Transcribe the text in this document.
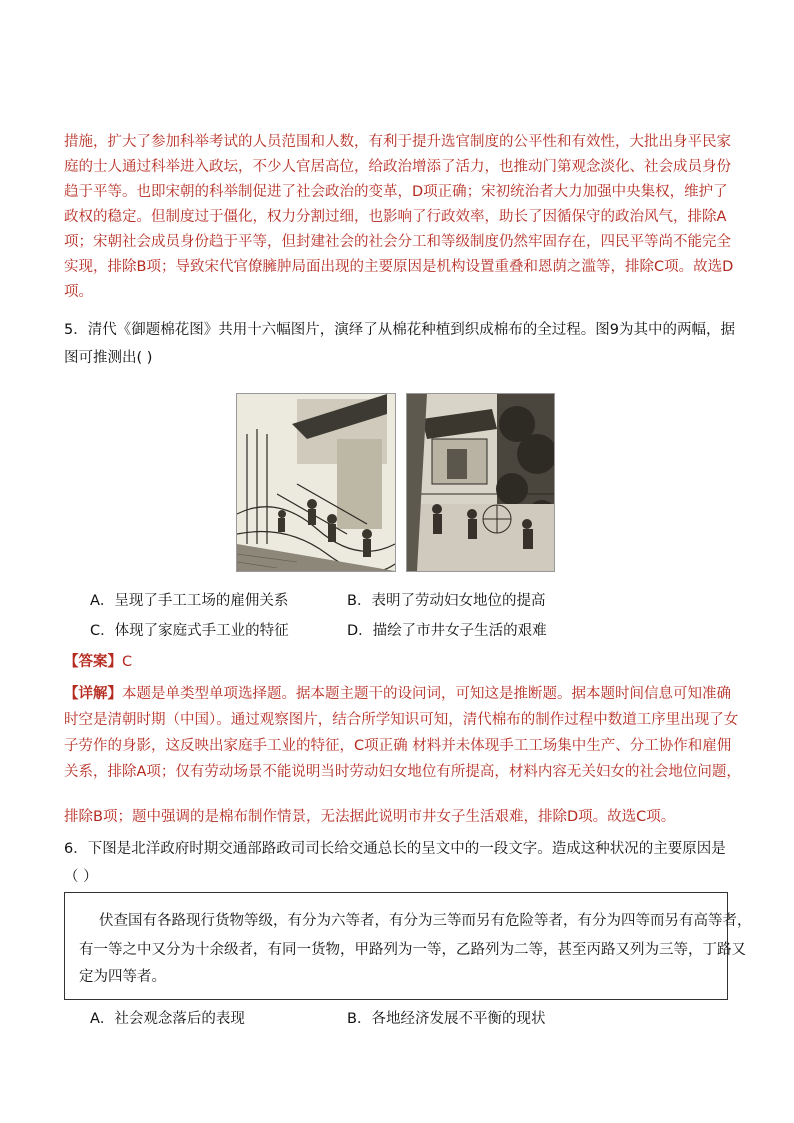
措施，扩大了参加科举考试的人员范围和人数，有利于提升选官制度的公平性和有效性，大批出身平民家
庭的士人通过科举进入政坛，不少人官居高位，给政治增添了活力，也推动门第观念淡化、社会成员身份
趋于平等。也即宋朝的科举制促进了社会政治的变革，D项正确；宋初统治者大力加强中央集权，维护了
政权的稳定。但制度过于僵化，权力分割过细，也影响了行政效率，助长了因循保守的政治风气，排除A
项；宋朝社会成员身份趋于平等，但封建社会的社会分工和等级制度仍然牢固存在，四民平等尚不能完全
实现，排除B项；导致宋代官僚臃肿局面出现的主要原因是机构设置重叠和恩荫之滥等，排除C项。故选D
项。
5．清代《御题棉花图》共用十六幅图片，演绎了从棉花种植到织成棉布的全过程。图9为其中的两幅，据
图可推测出( )
A．呈现了手工工场的雇佣关系	B．表明了劳动妇女地位的提高
C．体现了家庭式手工业的特征	D．描绘了市井女子生活的艰难
【答案】C
【详解】本题是单类型单项选择题。据本题主题干的设问词，可知这是推断题。据本题时间信息可知准确
时空是清朝时期（中国）。通过观察图片，结合所学知识可知，清代棉布的制作过程中数道工序里出现了女
子劳作的身影，这反映出家庭手工业的特征，C项正确 材料并未体现手工工场集中生产、分工协作和雇佣
关系，排除A项；仅有劳动场景不能说明当时劳动妇女地位有所提高，材料内容无关妇女的社会地位问题，
排除B项；题中强调的是棉布制作情景，无法据此说明市井女子生活艰难，排除D项。故选C项。
6．下图是北洋政府时期交通部路政司司长给交通总长的呈文中的一段文字。造成这种状况的主要原因是
（ ）
伏查国有各路现行货物等级，有分为六等者，有分为三等而另有危险等者，有分为四等而另有高等者，
有一等之中又分为十余级者，有同一货物，甲路列为一等，乙路列为二等，甚至丙路又列为三等，丁路又
定为四等者。
A．社会观念落后的表现	B．各地经济发展不平衡的现状
